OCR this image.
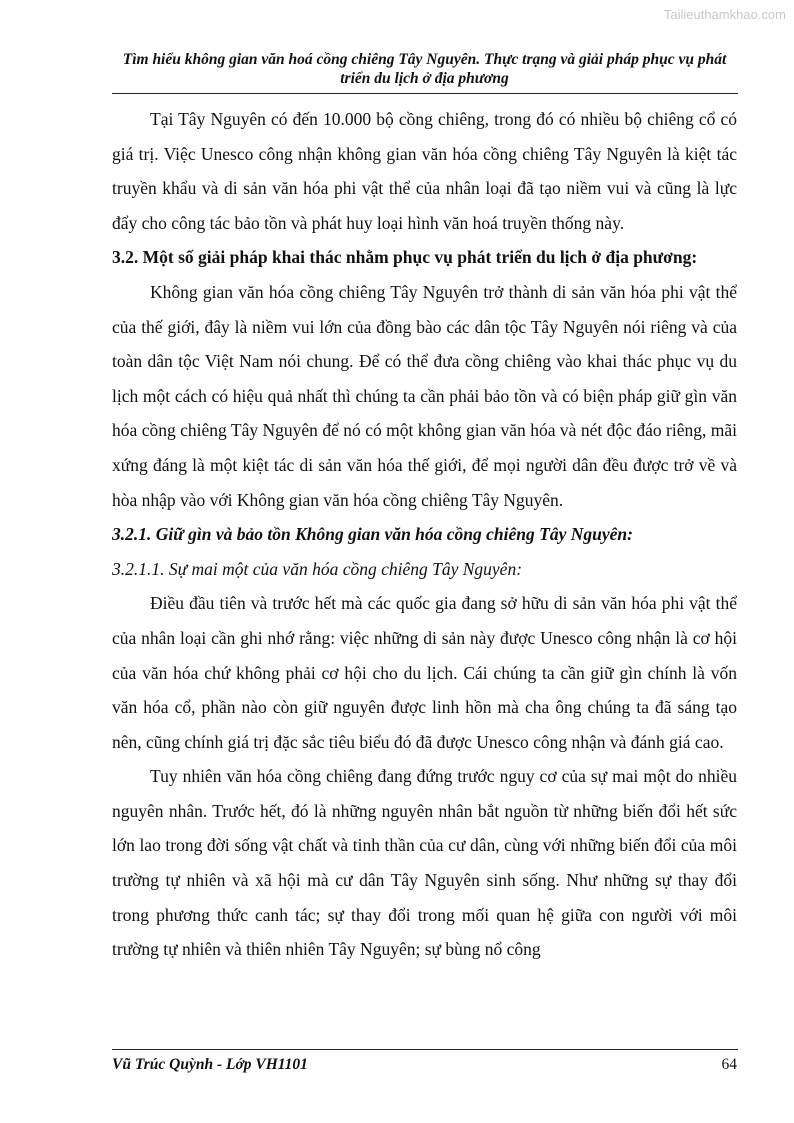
Tailieuthamkhao.com
Tìm hiểu không gian văn hoá cồng chiêng Tây Nguyên. Thực trạng và giải pháp phục vụ phát triển du lịch ở địa phương

Tại Tây Nguyên có đến 10.000 bộ cồng chiêng, trong đó có nhiều bộ chiêng cổ có giá trị. Việc Unesco công nhận không gian văn hóa cồng chiêng Tây Nguyên là kiệt tác truyền khẩu và di sản văn hóa phi vật thể của nhân loại đã tạo niềm vui và cũng là lực đẩy cho công tác bảo tồn và phát huy loại hình văn hoá truyền thống này.

3.2. Một số giải pháp khai thác nhằm phục vụ phát triển du lịch ở địa phương:

Không gian văn hóa cồng chiêng Tây Nguyên trở thành di sản văn hóa phi vật thể của thế giới, đây là niềm vui lớn của đồng bào các dân tộc Tây Nguyên nói riêng và của toàn dân tộc Việt Nam nói chung. Để có thể đưa cồng chiêng vào khai thác phục vụ du lịch một cách có hiệu quả nhất thì chúng ta cần phải bảo tồn và có biện pháp giữ gìn văn hóa cồng chiêng Tây Nguyên để nó có một không gian văn hóa và nét độc đáo riêng, mãi xứng đáng là một kiệt tác di sản văn hóa thế giới, để mọi người dân đều được trở về và hòa nhập vào với Không gian văn hóa cồng chiêng Tây Nguyên.

3.2.1. Giữ gìn và bảo tồn Không gian văn hóa cồng chiêng Tây Nguyên:

3.2.1.1. Sự mai một của văn hóa cồng chiêng Tây Nguyên:

Điều đầu tiên và trước hết mà các quốc gia đang sở hữu di sản văn hóa phi vật thể của nhân loại cần ghi nhớ rằng: việc những di sản này được Unesco công nhận là cơ hội của văn hóa chứ không phải cơ hội cho du lịch. Cái chúng ta cần giữ gìn chính là vốn văn hóa cổ, phần nào còn giữ nguyên được linh hồn mà cha ông chúng ta đã sáng tạo nên, cũng chính giá trị đặc sắc tiêu biểu đó đã được Unesco công nhận và đánh giá cao.

Tuy nhiên văn hóa cồng chiêng đang đứng trước nguy cơ của sự mai một do nhiều nguyên nhân. Trước hết, đó là những nguyên nhân bắt nguồn từ những biến đổi hết sức lớn lao trong đời sống vật chất và tinh thần của cư dân, cùng với những biến đổi của môi trường tự nhiên và xã hội mà cư dân Tây Nguyên sinh sống. Như những sự thay đổi trong phương thức canh tác; sự thay đổi trong mối quan hệ giữa con người với môi trường tự nhiên và thiên nhiên Tây Nguyên; sự bùng nổ công

Vũ Trúc Quỳnh - Lớp VH1101	64
